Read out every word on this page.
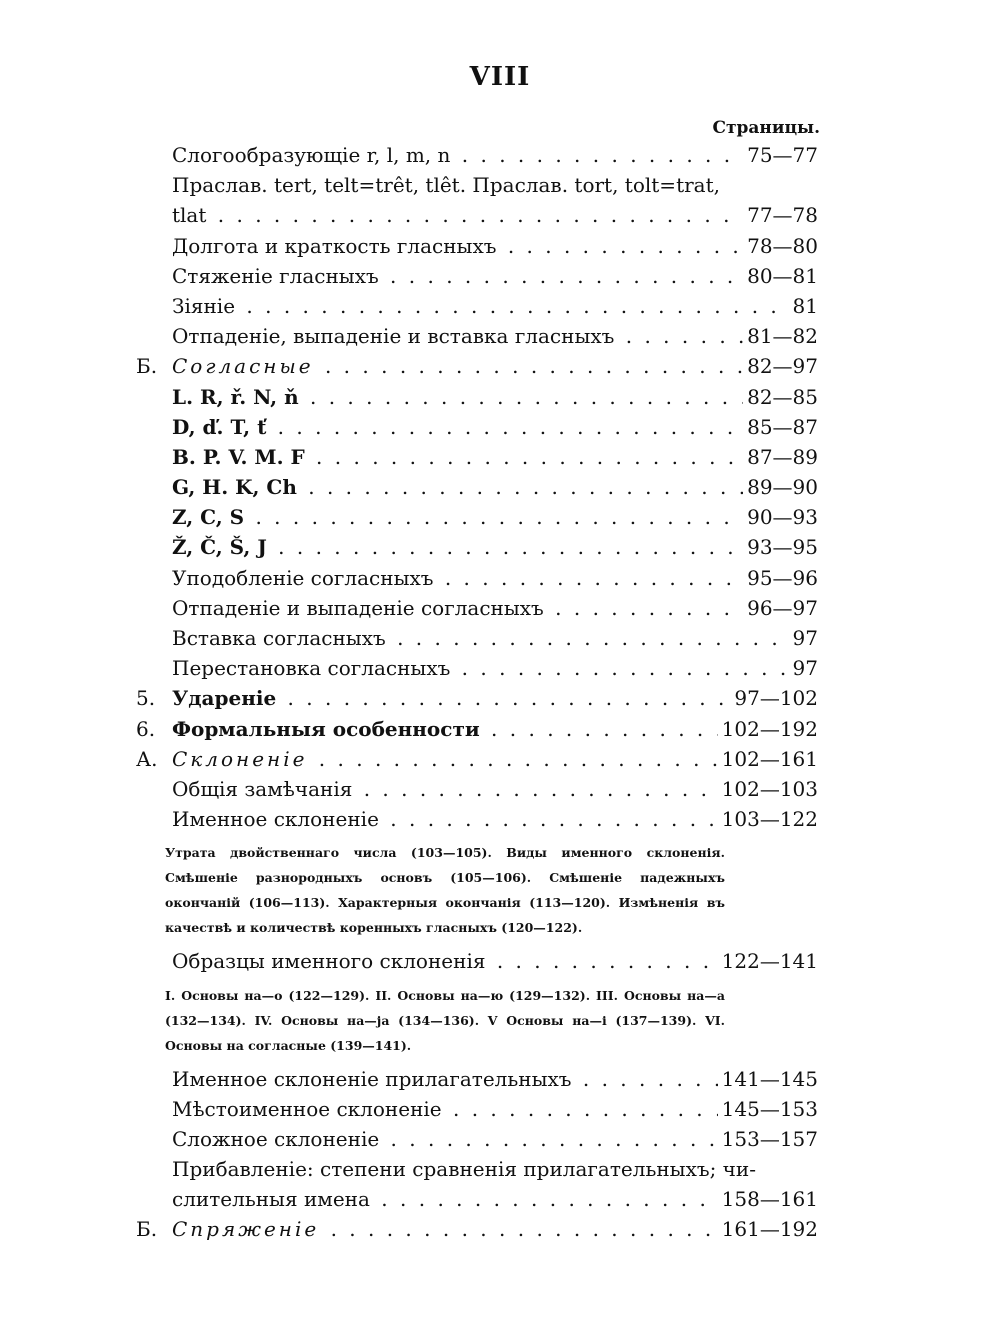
VIII
Страницы.
Слогообразующіе r, l, m, n . . .	75—77
Праслав. tert, telt=trêt, tlêt. Праслав. tort, tolt=trat,
tlat . . .	77—78
Долгота и краткость гласныхъ . . .	78—80
Стяженіе гласныхъ . . .	80—81
Зіяніе . . .	81
Отпаденіе, выпаденіе и вставка гласныхъ . . .	81—82
Б. Согласные . . .	82—97
L. R, ř. N, ň . . .	82—85
D, ď. T, ť . . .	85—87
B. P. V. M. F . . .	87—89
G, H. K, Ch . . .	89—90
Z, C, S . . .	90—93
Ž, Č, Š, J . . .	93—95
Уподобленіе согласныхъ . . .	95—96
Отпаденіе и выпаденіе согласныхъ . . .	96—97
Вставка согласныхъ . . .	97
Перестановка согласныхъ . . .	97
5. Удареніе . . .	97—102
6. Формальныя особенности . . .	102—192
А. Склоненіе . . .	102—161
Общія замѣчанія . . .	102—103
Именное склоненіе . . .	103—122
Утрата двойственнаго числа (103—105). Виды именного склоненія. Смѣшеніе разнородныхъ основъ (105—106). Смѣшеніе падежныхъ окончаній (106—113). Характерныя окончанія (113—120). Измѣненія въ качествѣ и количествѣ коренныхъ гласныхъ (120—122).
Образцы именного склоненія . . .	122—141
I. Основы на—о (122—129). II. Основы на—ю (129—132). III. Основы на—а (132—134). IV. Основы на—ја (134—136). V Основы на—і (137—139). VI. Основы на согласные (139—141).
Именное склоненіе прилагательныхъ . . .	141—145
Мѣстоименное склоненіе . . .	145—153
Сложное склоненіе . . .	153—157
Прибавленіе: степени сравненія прилагательныхъ; чи-
слительныя имена . . .	158—161
Б. Спряженіе . . .	161—192
